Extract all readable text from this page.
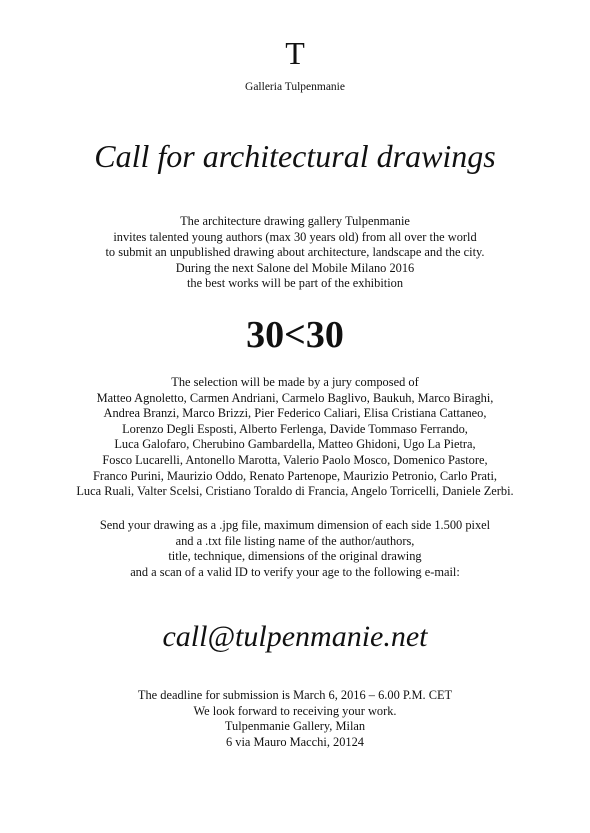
T
Galleria Tulpenmanie
Call for architectural drawings
The architecture drawing gallery Tulpenmanie
invites talented young authors (max 30 years old) from all over the world
to submit an unpublished drawing about architecture, landscape and the city.
During the next Salone del Mobile Milano 2016
the best works will be part of the exhibition
30<30
The selection will be made by a jury composed of
Matteo Agnoletto, Carmen Andriani, Carmelo Baglivo, Baukuh, Marco Biraghi,
Andrea Branzi, Marco Brizzi, Pier Federico Caliari, Elisa Cristiana Cattaneo,
Lorenzo Degli Esposti, Alberto Ferlenga, Davide Tommaso Ferrando,
Luca Galofaro, Cherubino Gambardella, Matteo Ghidoni, Ugo La Pietra,
Fosco Lucarelli, Antonello Marotta, Valerio Paolo Mosco, Domenico Pastore,
Franco Purini, Maurizio Oddo, Renato Partenope, Maurizio Petronio, Carlo Prati,
Luca Ruali, Valter Scelsi, Cristiano Toraldo di Francia, Angelo Torricelli, Daniele Zerbi.
Send your drawing as a .jpg file, maximum dimension of each side 1.500 pixel
and a .txt file listing name of the author/authors,
title, technique, dimensions of the original drawing
and a scan of a valid ID to verify your age to the following e-mail:
call@tulpenmanie.net
The deadline for submission is March 6, 2016 – 6.00 P.M. CET
We look forward to receiving your work.
Tulpenmanie Gallery, Milan
6 via Mauro Macchi, 20124
